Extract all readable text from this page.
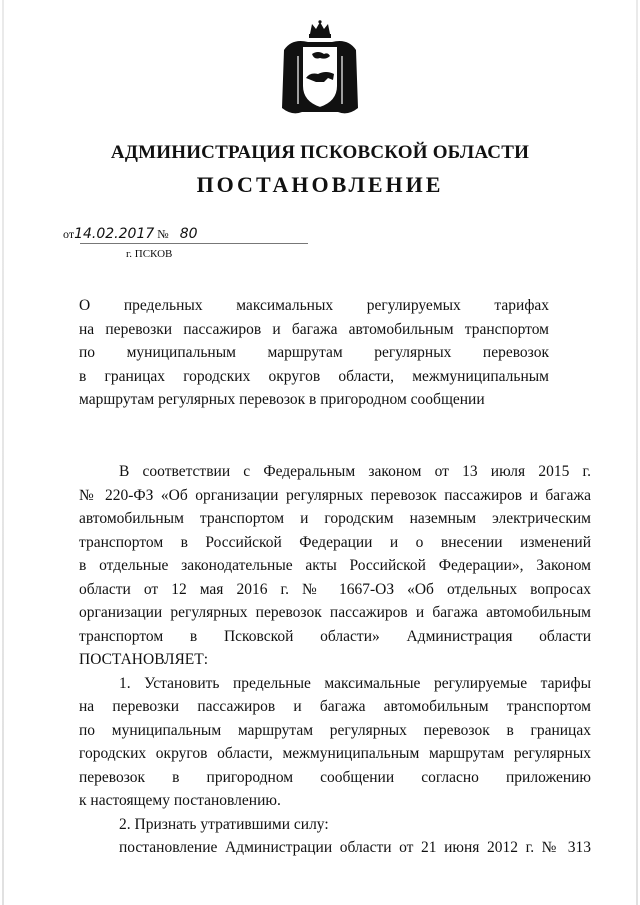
АДМИНИСТРАЦИЯ ПСКОВСКОЙ ОБЛАСТИ
ПОСТАНОВЛЕНИЕ
от14.02.2017 № 80
г. ПСКОВ
О предельных максимальных регулируемых тарифах
на перевозки пассажиров и багажа автомобильным транспортом
по муниципальным маршрутам регулярных перевозок
в границах городских округов области, межмуниципальным
маршрутам регулярных перевозок в пригородном сообщении
В соответствии с Федеральным законом от 13 июля 2015 г.
№ 220-ФЗ «Об организации регулярных перевозок пассажиров и багажа
автомобильным транспортом и городским наземным электрическим
транспортом в Российской Федерации и о внесении изменений
в отдельные законодательные акты Российской Федерации», Законом
области от 12 мая 2016 г. № 1667-ОЗ «Об отдельных вопросах
организации регулярных перевозок пассажиров и багажа автомобильным
транспортом в Псковской области» Администрация области
ПОСТАНОВЛЯЕТ:
1. Установить предельные максимальные регулируемые тарифы
на перевозки пассажиров и багажа автомобильным транспортом
по муниципальным маршрутам регулярных перевозок в границах
городских округов области, межмуниципальным маршрутам регулярных
перевозок в пригородном сообщении согласно приложению
к настоящему постановлению.
2. Признать утратившими силу:
постановление Администрации области от 21 июня 2012 г. № 313
